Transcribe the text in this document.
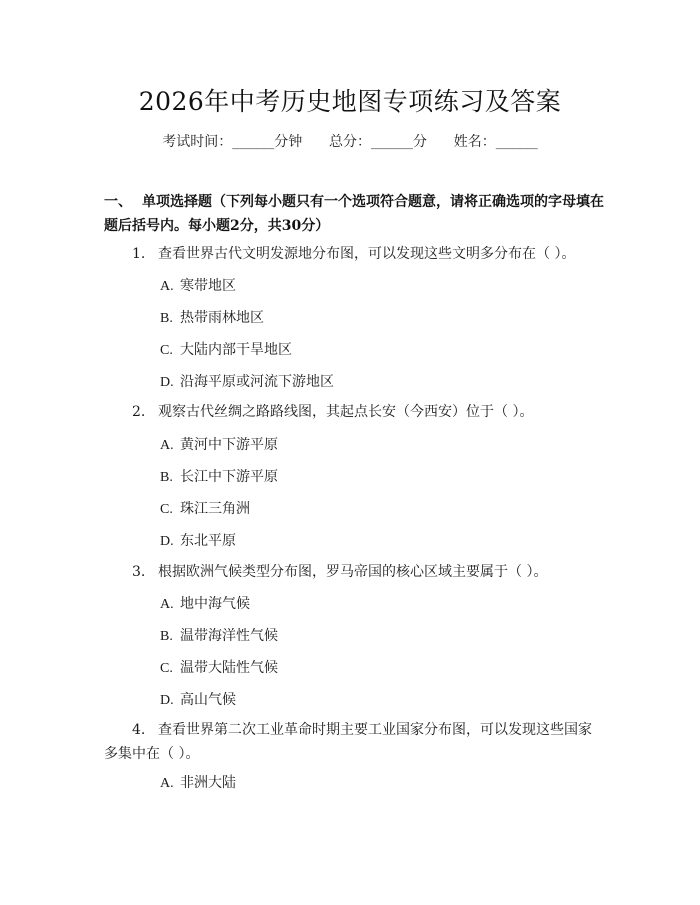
2026年中考历史地图专项练习及答案
考试时间：______分钟 总分：______分 姓名：______
一、 单项选择题（下列每小题只有一个选项符合题意，请将正确选项的字母填在题后括号内。每小题2分，共30分）
1. 查看世界古代文明发源地分布图，可以发现这些文明多分布在（ ）。
A. 寒带地区
B. 热带雨林地区
C. 大陆内部干旱地区
D. 沿海平原或河流下游地区
2. 观察古代丝绸之路路线图，其起点长安（今西安）位于（ ）。
A. 黄河中下游平原
B. 长江中下游平原
C. 珠江三角洲
D. 东北平原
3. 根据欧洲气候类型分布图，罗马帝国的核心区域主要属于（ ）。
A. 地中海气候
B. 温带海洋性气候
C. 温带大陆性气候
D. 高山气候
4. 查看世界第二次工业革命时期主要工业国家分布图，可以发现这些国家多集中在（ ）。
A. 非洲大陆
